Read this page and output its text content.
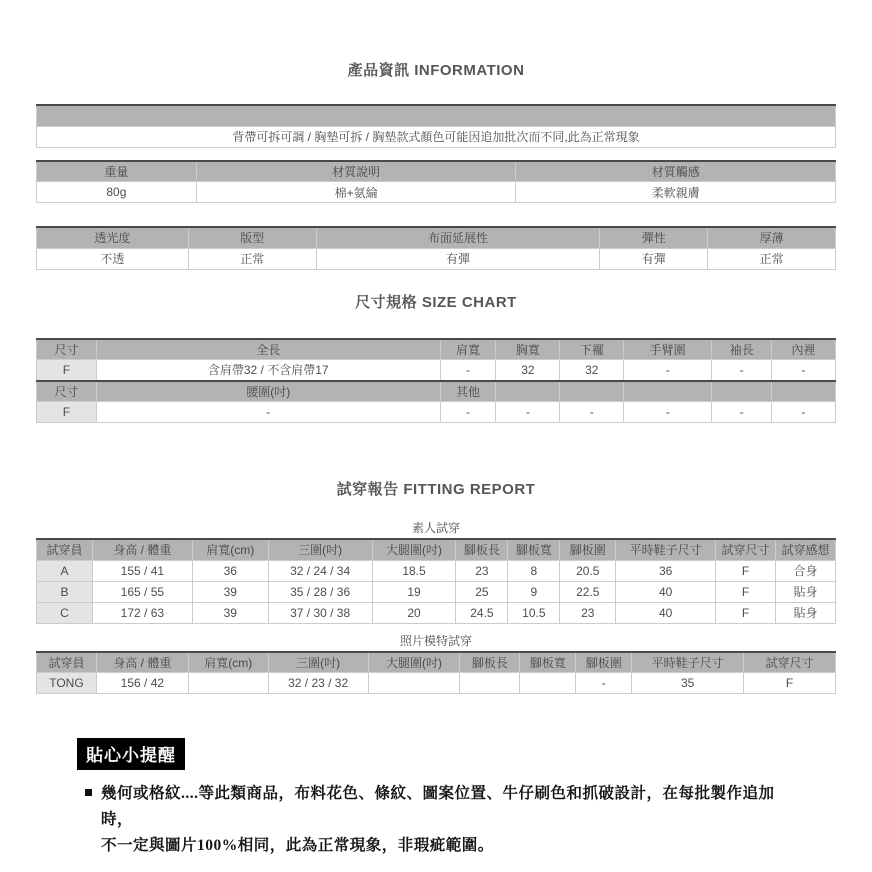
產品資訊 INFORMATION

背帶可拆可調 / 胸墊可拆 / 胸墊款式顏色可能因追加批次而不同,此為正常現象
重量	材質說明	材質觸感
80g	棉+氨綸	柔軟親膚
透光度	版型	布面延展性	彈性	厚薄
不透	正常	有彈	有彈	正常
尺寸規格 SIZE CHART
尺寸	全長	肩寬	胸寬	下襬	手臂圍	袖長	內裡
F	含肩帶32 / 不含肩帶17	-	32	32	-	-	-
尺寸	腰圍(吋)	其他					
F	-	-	-	-	-	-	-
試穿報告 FITTING REPORT
素人試穿
試穿員	身高 / 體重	肩寬(cm)	三圍(吋)	大腿圍(吋)	腳板長	腳板寬	腳板圍	平時鞋子尺寸	試穿尺寸	試穿感想
A	155 / 41	36	32 / 24 / 34	18.5	23	8	20.5	36	F	合身
B	165 / 55	39	35 / 28 / 36	19	25	9	22.5	40	F	貼身
C	172 / 63	39	37 / 30 / 38	20	24.5	10.5	23	40	F	貼身
照片模特試穿
試穿員	身高 / 體重	肩寬(cm)	三圍(吋)	大腿圍(吋)	腳板長	腳板寬	腳板圍	平時鞋子尺寸	試穿尺寸
TONG	156 / 42		32 / 23 / 32				-	35	F
貼心小提醒
幾何或格紋....等此類商品，布料花色、條紋、圖案位置、牛仔刷色和抓破設計，在每批製作追加時，
不一定與圖片100%相同，此為正常現象，非瑕疵範圍。
